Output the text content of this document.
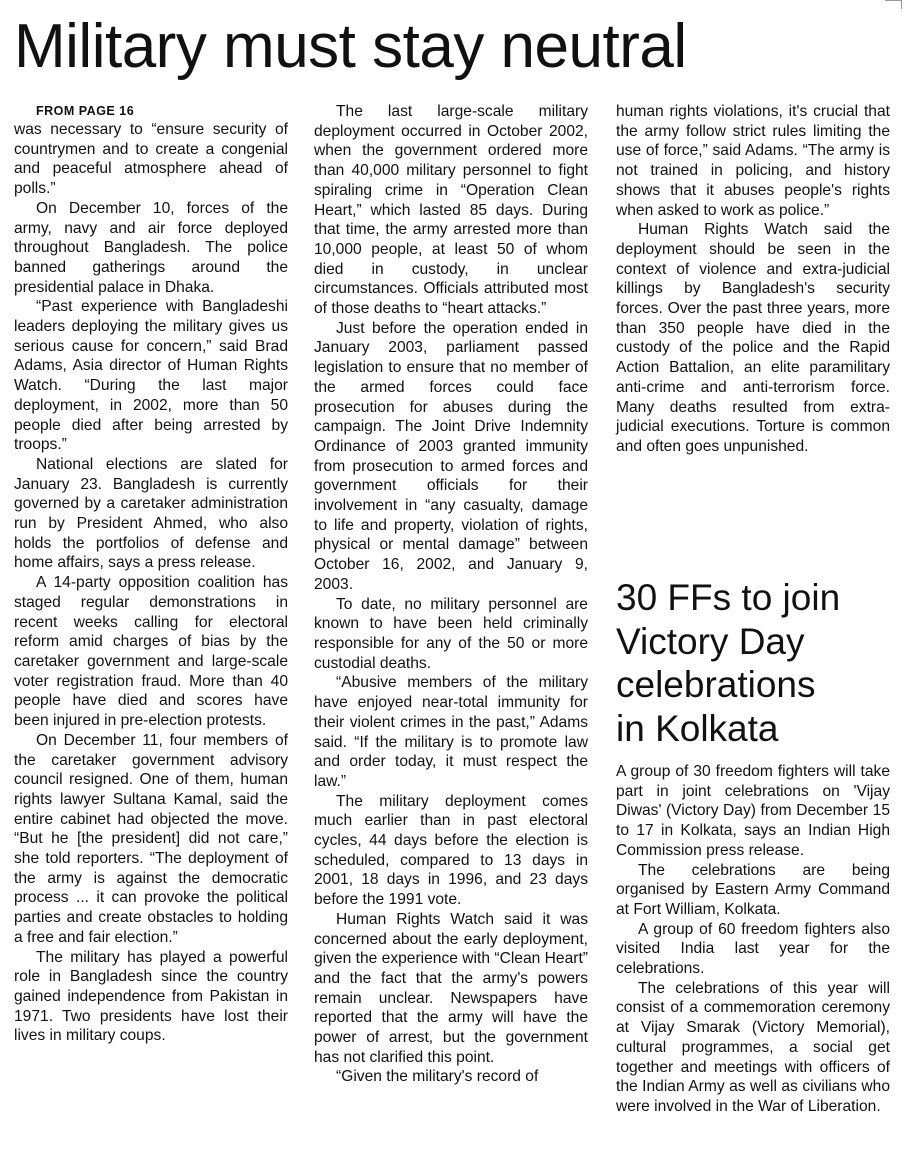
Military must stay neutral

FROM PAGE 16

was necessary to “ensure security of countrymen and to create a congenial and peaceful atmosphere ahead of polls.”

On December 10, forces of the army, navy and air force deployed throughout Bangladesh. The police banned gatherings around the presidential palace in Dhaka.

“Past experience with Bangladeshi leaders deploying the military gives us serious cause for concern,” said Brad Adams, Asia director of Human Rights Watch. “During the last major deployment, in 2002, more than 50 people died after being arrested by troops.”

National elections are slated for January 23. Bangladesh is currently governed by a caretaker administration run by President Ahmed, who also holds the portfolios of defense and home affairs, says a press release.

A 14-party opposition coalition has staged regular demonstrations in recent weeks calling for electoral reform amid charges of bias by the caretaker government and large-scale voter registration fraud. More than 40 people have died and scores have been injured in pre-election protests.

On December 11, four members of the caretaker government advisory council resigned. One of them, human rights lawyer Sultana Kamal, said the entire cabinet had objected the move. “But he [the president] did not care,” she told reporters. “The deployment of the army is against the democratic process ... it can provoke the political parties and create obstacles to holding a free and fair election.”

The military has played a powerful role in Bangladesh since the country gained independence from Pakistan in 1971. Two presidents have lost their lives in military coups.

The last large-scale military deployment occurred in October 2002, when the government ordered more than 40,000 military personnel to fight spiraling crime in “Operation Clean Heart,” which lasted 85 days. During that time, the army arrested more than 10,000 people, at least 50 of whom died in custody, in unclear circumstances. Officials attributed most of those deaths to “heart attacks.”

Just before the operation ended in January 2003, parliament passed legislation to ensure that no member of the armed forces could face prosecution for abuses during the campaign. The Joint Drive Indemnity Ordinance of 2003 granted immunity from prosecution to armed forces and government officials for their involvement in “any casualty, damage to life and property, violation of rights, physical or mental damage” between October 16, 2002, and January 9, 2003.

To date, no military personnel are known to have been held criminally responsible for any of the 50 or more custodial deaths.

“Abusive members of the military have enjoyed near-total immunity for their violent crimes in the past,” Adams said. “If the military is to promote law and order today, it must respect the law.”

The military deployment comes much earlier than in past electoral cycles, 44 days before the election is scheduled, compared to 13 days in 2001, 18 days in 1996, and 23 days before the 1991 vote.

Human Rights Watch said it was concerned about the early deployment, given the experience with “Clean Heart” and the fact that the army's powers remain unclear. Newspapers have reported that the army will have the power of arrest, but the government has not clarified this point.

“Given the military's record of

human rights violations, it's crucial that the army follow strict rules limiting the use of force,” said Adams. “The army is not trained in policing, and history shows that it abuses people's rights when asked to work as police.”

Human Rights Watch said the deployment should be seen in the context of violence and extra-judicial killings by Bangladesh's security forces. Over the past three years, more than 350 people have died in the custody of the police and the Rapid Action Battalion, an elite paramilitary anti-crime and anti-terrorism force. Many deaths resulted from extra-judicial executions. Torture is common and often goes unpunished.

30 FFs to join
Victory Day
celebrations
in Kolkata

A group of 30 freedom fighters will take part in joint celebrations on 'Vijay Diwas' (Victory Day) from December 15 to 17 in Kolkata, says an Indian High Commission press release.

The celebrations are being organised by Eastern Army Command at Fort William, Kolkata.

A group of 60 freedom fighters also visited India last year for the celebrations.

The celebrations of this year will consist of a commemoration ceremony at Vijay Smarak (Victory Memorial), cultural programmes, a social get together and meetings with officers of the Indian Army as well as civilians who were involved in the War of Liberation.
